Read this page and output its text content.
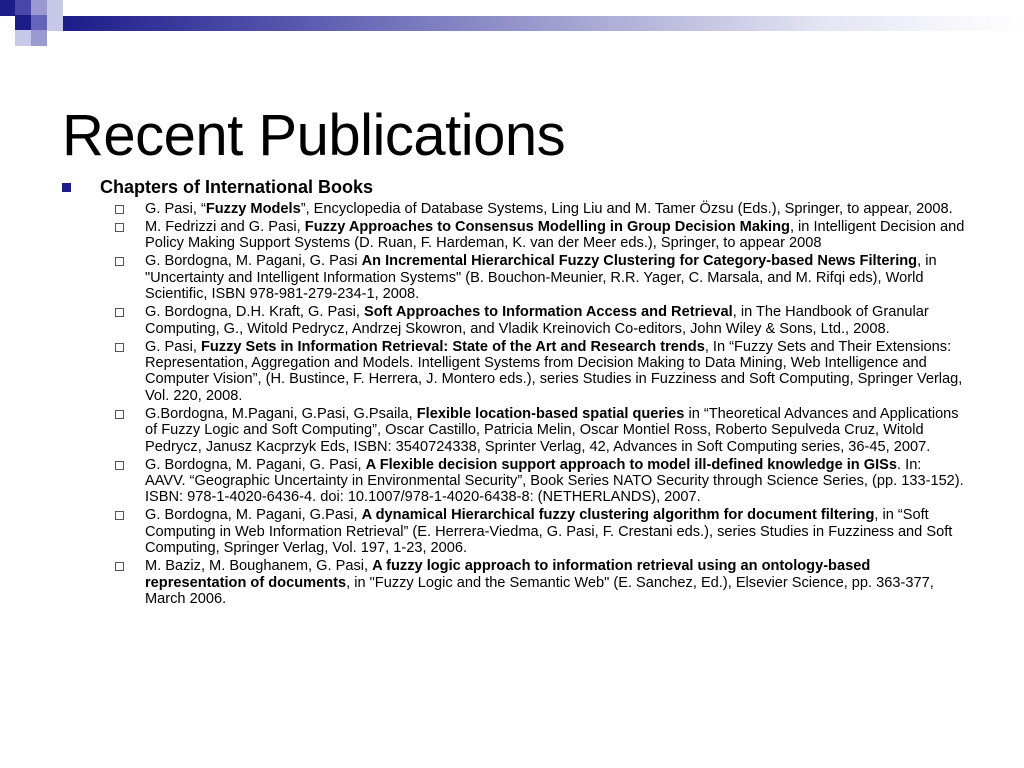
Recent Publications
Chapters of International Books
G. Pasi, “Fuzzy Models”, Encyclopedia of Database Systems, Ling Liu and M. Tamer Özsu (Eds.), Springer, to appear, 2008.
M. Fedrizzi and G. Pasi, Fuzzy Approaches to Consensus Modelling in Group Decision Making, in Intelligent Decision and Policy Making Support Systems (D. Ruan, F. Hardeman, K. van der Meer eds.), Springer, to appear 2008
G. Bordogna, M. Pagani, G. Pasi An Incremental Hierarchical Fuzzy Clustering for Category-based News Filtering, in "Uncertainty and Intelligent Information Systems" (B. Bouchon-Meunier, R.R. Yager, C. Marsala, and M. Rifqi eds), World Scientific, ISBN 978-981-279-234-1, 2008.
G. Bordogna, D.H. Kraft, G. Pasi, Soft Approaches to Information Access and Retrieval, in The Handbook of Granular Computing, G., Witold Pedrycz, Andrzej Skowron, and Vladik Kreinovich Co-editors, John Wiley & Sons, Ltd., 2008.
G. Pasi, Fuzzy Sets in Information Retrieval: State of the Art and Research trends, In “Fuzzy Sets and Their Extensions: Representation, Aggregation and Models. Intelligent Systems from Decision Making to Data Mining, Web Intelligence and Computer Vision”, (H. Bustince, F. Herrera, J. Montero eds.), series Studies in Fuzziness and Soft Computing, Springer Verlag, Vol. 220, 2008.
G.Bordogna, M.Pagani, G.Pasi, G.Psaila, Flexible location-based spatial queries in “Theoretical Advances and Applications of Fuzzy Logic and Soft Computing”, Oscar Castillo, Patricia Melin, Oscar Montiel Ross, Roberto Sepulveda Cruz, Witold Pedrycz, Janusz Kacprzyk Eds, ISBN: 3540724338, Sprinter Verlag, 42, Advances in Soft Computing series, 36-45, 2007.
G. Bordogna, M. Pagani, G. Pasi, A Flexible decision support approach to model ill-defined knowledge in GISs. In: AAVV. “Geographic Uncertainty in Environmental Security”, Book Series NATO Security through Science Series, (pp. 133-152). ISBN: 978-1-4020-6436-4. doi: 10.1007/978-1-4020-6438-8: (NETHERLANDS), 2007.
G. Bordogna, M. Pagani, G.Pasi, A dynamical Hierarchical fuzzy clustering algorithm for document filtering, in “Soft Computing in Web Information Retrieval” (E. Herrera-Viedma, G. Pasi, F. Crestani eds.), series Studies in Fuzziness and Soft Computing, Springer Verlag, Vol. 197, 1-23, 2006.
M. Baziz, M. Boughanem, G. Pasi, A fuzzy logic approach to information retrieval using an ontology-based representation of documents, in "Fuzzy Logic and the Semantic Web" (E. Sanchez, Ed.), Elsevier Science, pp. 363-377, March 2006.
